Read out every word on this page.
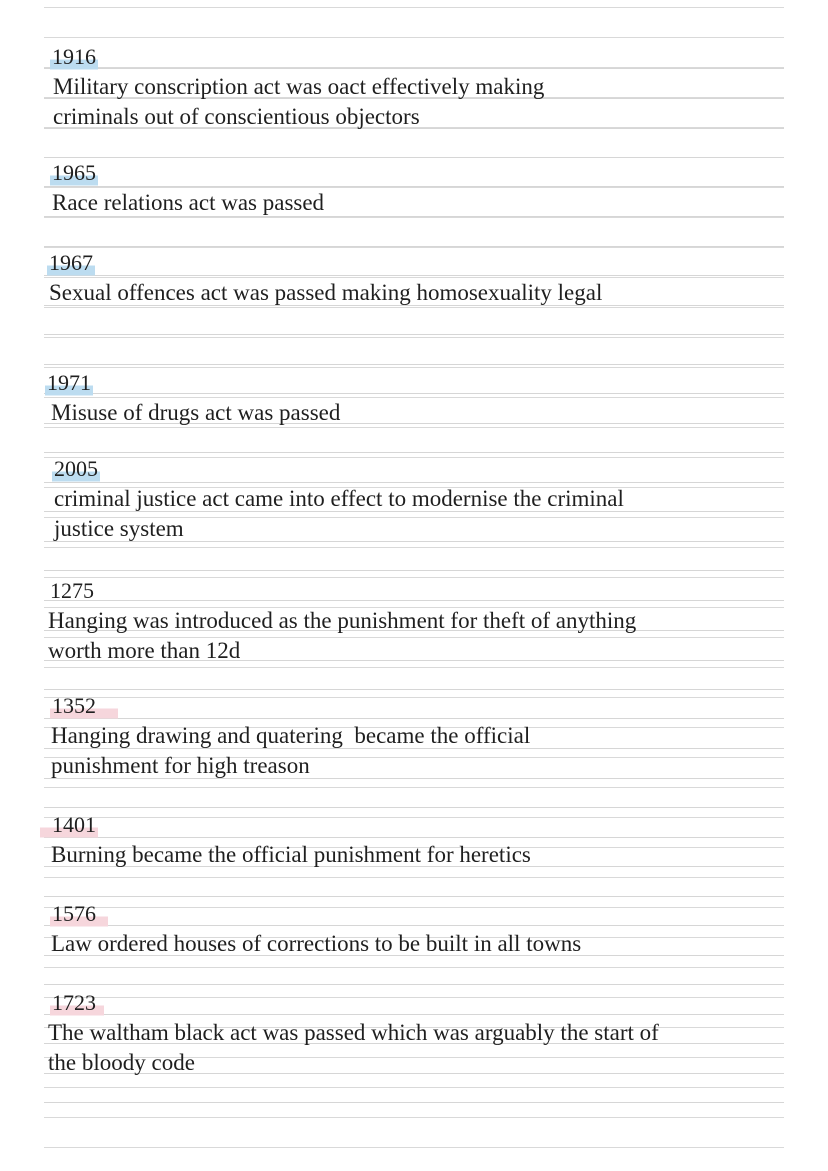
1916
Military conscription act was oact effectively making criminals out of conscientious objectors
1965
Race relations act was passed
1967
Sexual offences act was passed making homosexuality legal
1971
Misuse of drugs act was passed
2005
criminal justice act came into effect to modernise the criminal justice system
1275
Hanging was introduced as the punishment for theft of anything worth more than 12d
1352
Hanging drawing and quatering  became the official punishment for high treason
1401
Burning became the official punishment for heretics
1576
Law ordered houses of corrections to be built in all towns
1723
The waltham black act was passed which was arguably the start of the bloody code
